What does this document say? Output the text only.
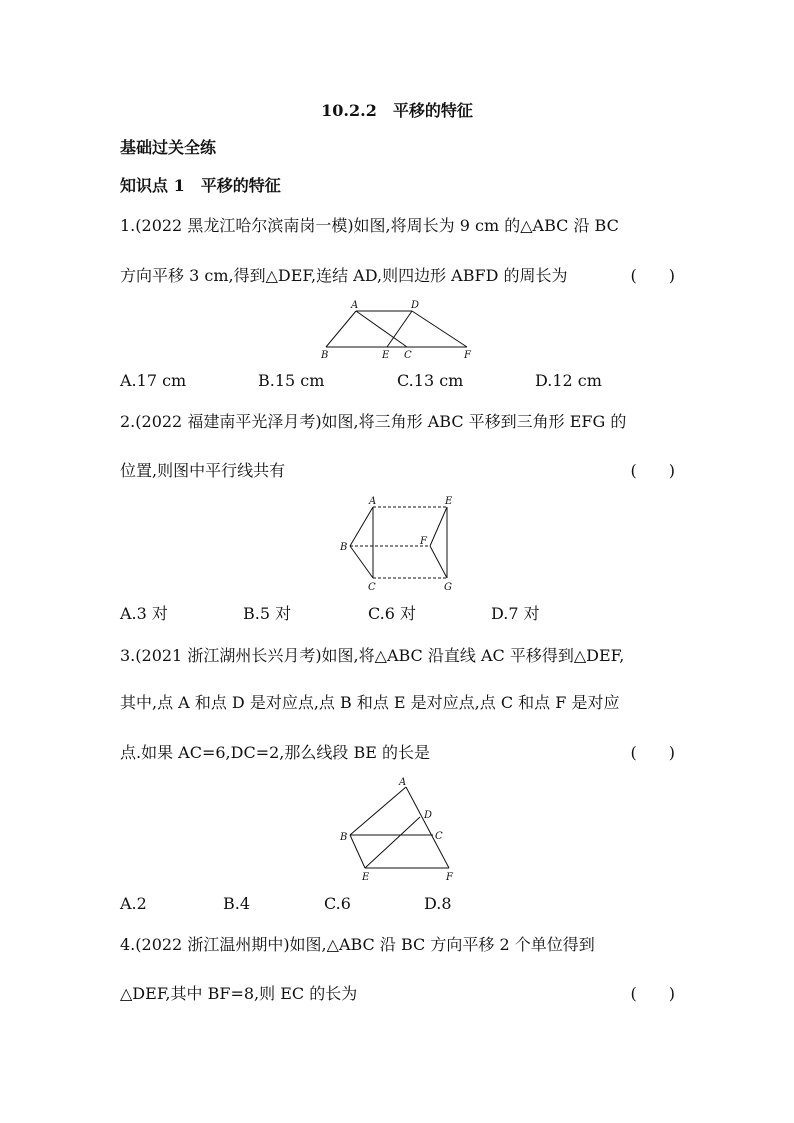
10.2.2　平移的特征
基础过关全练
知识点 1　平移的特征
1.(2022 黑龙江哈尔滨南岗一模)如图,将周长为 9 cm 的△ABC 沿 BC
方向平移 3 cm,得到△DEF,连结 AD,则四边形 ABFD 的周长为	(　　)
A	D
B	E C	F
A.17 cm	B.15 cm	C.13 cm	D.12 cm
2.(2022 福建南平光泽月考)如图,将三角形 ABC 平移到三角形 EFG 的
位置,则图中平行线共有	(　　)
A	E
B
F
C	G
A.3 对	B.5 对	C.6 对	D.7 对
3.(2021 浙江湖州长兴月考)如图,将△ABC 沿直线 AC 平移得到△DEF,
其中,点 A 和点 D 是对应点,点 B 和点 E 是对应点,点 C 和点 F 是对应
点.如果 AC=6,DC=2,那么线段 BE 的长是	(　　)
A
D
B	C
E	F
A.2	B.4	C.6	D.8
4.(2022 浙江温州期中)如图,△ABC 沿 BC 方向平移 2 个单位得到
△DEF,其中 BF=8,则 EC 的长为	(　　)
